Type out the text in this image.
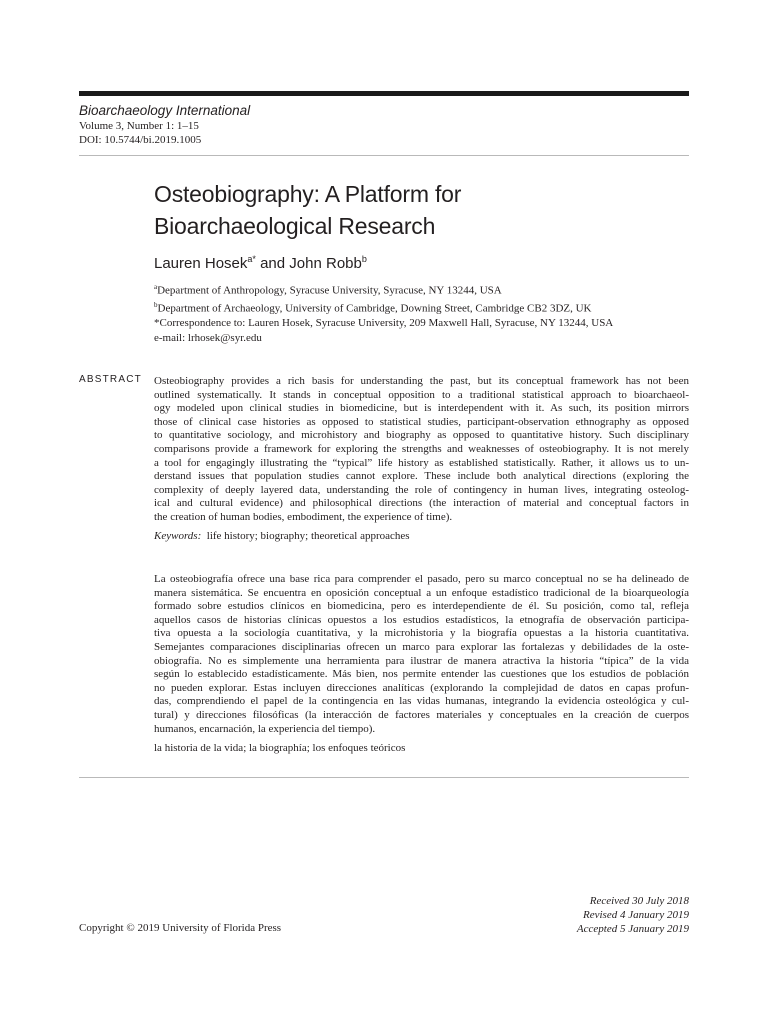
Bioarchaeology International
Volume 3, Number 1: 1–15
DOI: 10.5744/bi.2019.1005
Osteobiography: A Platform for
Bioarchaeological Research
Lauren Hosek$^{a*}$ and John Robb$^b$
$^a$Department of Anthropology, Syracuse University, Syracuse, NY 13244, USA
$^b$Department of Archaeology, University of Cambridge, Downing Street, Cambridge CB2 3DZ, UK
*Correspondence to: Lauren Hosek, Syracuse University, 209 Maxwell Hall, Syracuse, NY 13244, USA
e-mail: lrhosek@syr.edu
ABSTRACT Osteobiography provides a rich basis for understanding the past, but its conceptual framework has not been
outlined systematically. It stands in conceptual opposition to a traditional statistical approach to bioarchaeol-
ogy modeled upon clinical studies in biomedicine, but is interdependent with it. As such, its position mirrors
those of clinical case histories as opposed to statistical studies, participant-observation ethnography as opposed
to quantitative sociology, and microhistory and biography as opposed to quantitative history. Such disciplinary
comparisons provide a framework for exploring the strengths and weaknesses of osteobiography. It is not merely
a tool for engagingly illustrating the “typical” life history as established statistically. Rather, it allows us to un-
derstand issues that population studies cannot explore. These include both analytical directions (exploring the
complexity of deeply layered data, understanding the role of contingency in human lives, integrating osteolog-
ical and cultural evidence) and philosophical directions (the interaction of material and conceptual factors in
the creation of human bodies, embodiment, the experience of time).
Keywords: life history; biography; theoretical approaches
La osteobiografía ofrece una base rica para comprender el pasado, pero su marco conceptual no se ha delineado de
manera sistemática. Se encuentra en oposición conceptual a un enfoque estadístico tradicional de la bioarqueología
formado sobre estudios clínicos en biomedicina, pero es interdependiente de él. Su posición, como tal, refleja
aquellos casos de historias clínicas opuestos a los estudios estadísticos, la etnografía de observación participa-
tiva opuesta a la sociología cuantitativa, y la microhistoria y la biografía opuestas a la historia cuantitativa.
Semejantes comparaciones disciplinarias ofrecen un marco para explorar las fortalezas y debilidades de la oste-
obiografía. No es simplemente una herramienta para ilustrar de manera atractiva la historia “típica” de la vida
según lo establecido estadísticamente. Más bien, nos permite entender las cuestiones que los estudios de población
no pueden explorar. Estas incluyen direcciones analíticas (explorando la complejidad de datos en capas profun-
das, comprendiendo el papel de la contingencia en las vidas humanas, integrando la evidencia osteológica y cul-
tural) y direcciones filosóficas (la interacción de factores materiales y conceptuales en la creación de cuerpos
humanos, encarnación, la experiencia del tiempo).
la historia de la vida; la biographía; los enfoques teóricos
Received 30 July 2018
Revised 4 January 2019
Accepted 5 January 2019
Copyright © 2019 University of Florida Press
